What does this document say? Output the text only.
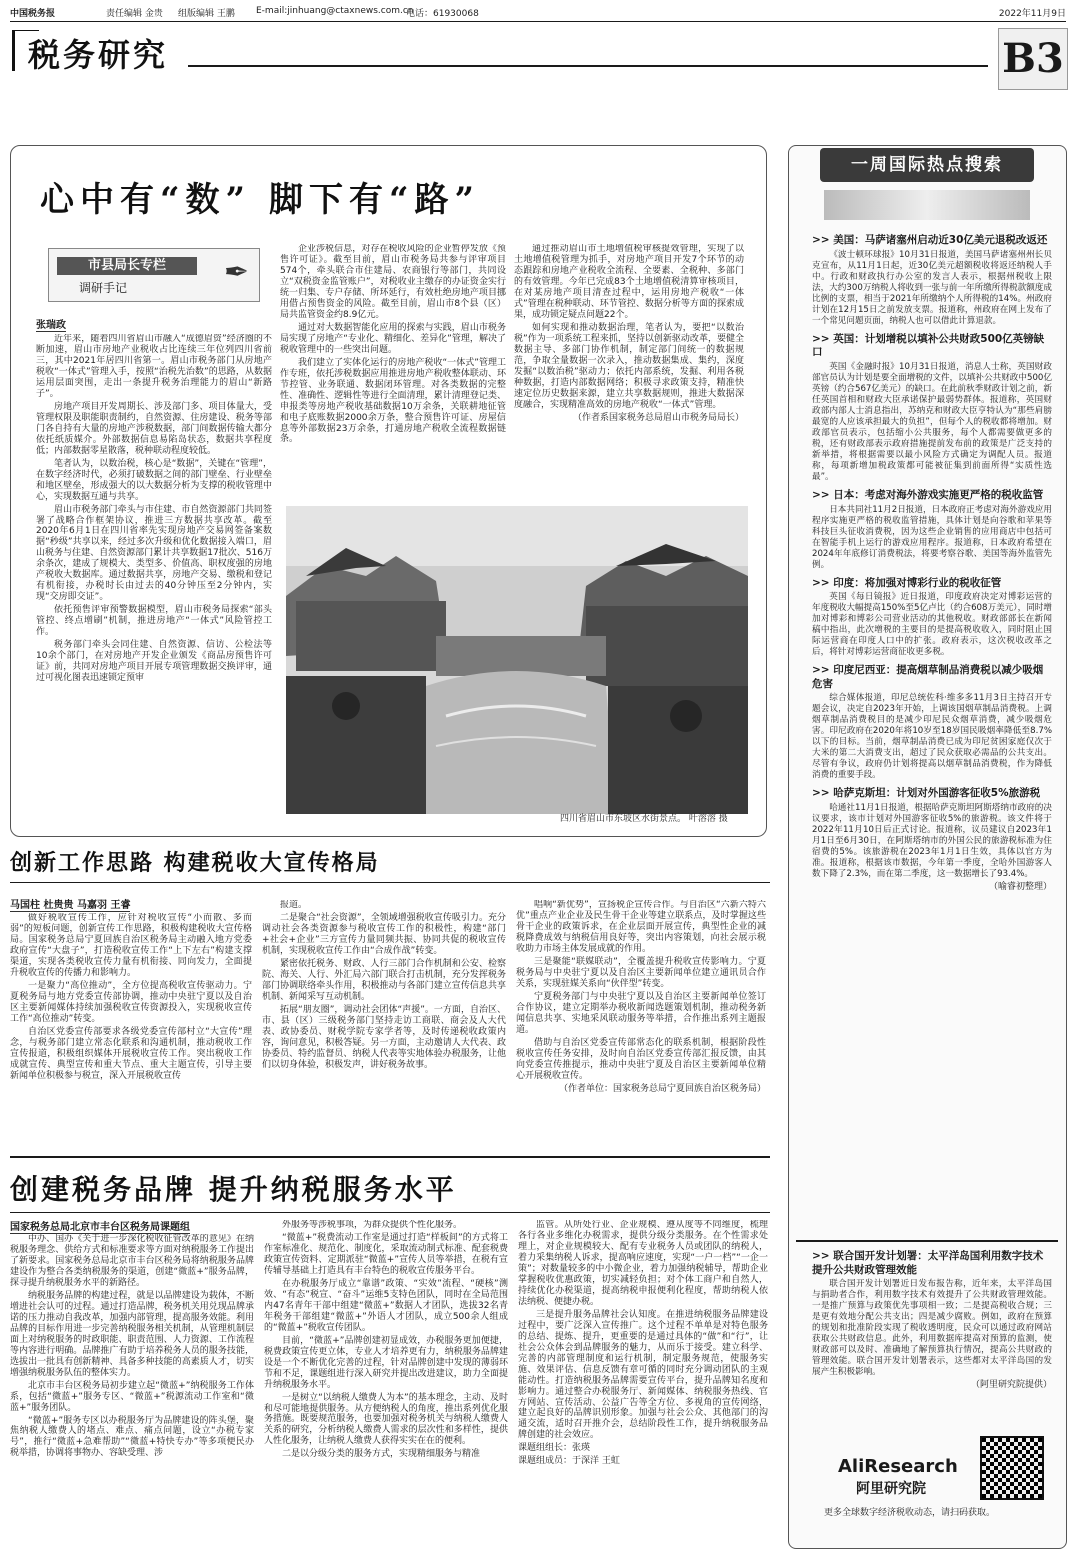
中国税务报	责任编辑 金贵 组版编辑 王鹏 E-mail:jinhuang@ctaxnews.com.cn
电话：61930068	2022年11月9日
税务研究	B3
心中有“数” 脚下有“路”
市县局长专栏
调研手记	✒
张瑞政

近年来，随着四川省眉山市融入“成德眉资”经济圈的不断加速，眉山市房地产业税收占比连续三年位列四川省前三，其中2021年居四川省第一。眉山市税务部门从房地产税收“一体式”管理入手，按照“治税先治数”的思路，从数据运用层面突围，走出一条提升税务治理能力的眉山“新路子”。

房地产项目开发周期长、涉及部门多、项目体量大，受管理权限及职能职责制约，自然资源、住房建设、税务等部门各自持有大量的房地产涉税数据，部门间数据传输大都分依托纸质媒介。外部数据信息易陷岛状态，数据共享程度低；内部数据零星散落，税种联动程度较低。

笔者认为，以数治税，核心是“数据”，关键在“管理”，在数字经济时代，必须打破数据之间的部门壁垒、行业壁垒和地区壁垒，形成强大的以大数据分析为支撑的税收管理中心，实现数据互通与共享。

眉山市税务部门牵头与市住建、市自然资源部门共同签署了战略合作框架协议，推进三方数据共享改革。截至2020年6月1日在四川省率先实现房地产交易网签备案数据“秒级”共享以来，经过多次升级和优化数据接入端口，眉山税务与住建、自然资源部门累计共享数据17批次、516万余条次，建成了规模大、类型多、价值高、职权度强的房地产税收大数据库。通过数据共享，房地产交易、缴税和登记有机衔接，办税时长由过去的40分钟压至2分钟内，实现“交房即交证”。

依托预售评审预警数据模型，眉山市税务局探索“部头管控、终点增刷”机制，推进房地产“一体式”风险管控工作。

税务部门牵头会同住建、自然资源、信访、公检法等10余个部门，在对房地产开发企业颁发《商品房预售许可证》前，共同对房地产项目开展专项管理数据交换评审，通过可视化图表迅速锁定预审

企业涉税信息，对存在税收风险的企业暂停发放《预售许可证》。截至目前，眉山市税务局共参与评审项目574个，牵头联合市住建局、农商银行等部门，共同设立“双税资金监管账户”，对税收业主缴存的办证资金实行统一归集、专户存储、所环延行，有效杜绝房地产项目挪用借占预售资金的风险。截至目前，眉山市8个县（区）局共监管资金约8.9亿元。

通过对大数据智能化应用的探索与实践，眉山市税务局实现了房地产“专业化、精细化、差异化”管理，解决了税收管理中的一些突出问题。

我们建立了实体化运行的房地产税收“一体式”管理工作专班，依托涉税数据应用推进房地产税收整体联动、环节控管、业务联通、数据闭环管理。对各类数据的完整性、准确性、逻辑性等进行全面清理，累计清理登记类、申报类等房地产税收基础数据10万余条，关联耕地征管和电子底账数据2000余万条，整合预售许可证、房屋信息等外部数据23万余条，打通房地产税收全流程数据链条。

通过推动眉山市土地增值税审核提效管理，实现了以土地增值税管理为抓手，对房地产项目开发7个环节的动态跟踪和房地产业税收全流程、全要素、全税种、多部门的有效管理。今年已完成83个土地增值税清算审核项目，在对某房地产项目清查过程中，运用房地产税收“一体式”管理在税种联动、环节管控、数据分析等方面的探索成果，成功锁定疑点问题22个。

如何实现和推动数据治理，笔者认为，要把“以数治税”作为一项系统工程来抓，坚持以创新驱动改革，要健全数据主导、多部门协作机制，制定部门间统一的数据规范，争取全量数据一次录入，推动数据集成、集约，深度发掘“以数治税”驱动力；依托内部系统，发掘、利用各税种数据，打造内部数据网络；积极寻求政策支持，精准快速定位历史数据来源，建立共享数据规则，推进大数据深度融合，实现精准高效的房地产税收“一体式”管理。

（作者系国家税务总局眉山市税务局局长）

四川省眉山市东坡区水街景点。 叶溶溶 摄
创新工作思路 构建税收大宣传格局
马国柱 杜贵贵 马嘉羽 王睿

做好税收宣传工作，应针对税收宣传“小而散、多而弱”的短板问题，创新宣传工作思路，积极构建税收大宣传格局。国家税务总局宁夏回族自治区税务局主动融入地方党委政府宣传“大盘子”，打造税收宣传工作“上下左右”构建支撑渠道，实现各类税收宣传力量有机衔接、同向发力，全面提升税收宣传的传播力和影响力。

一是聚力“高位推动”，全方位提高税收宣传驱动力。宁夏税务局与地方党委宣传部协调，推动中央驻宁夏以及自治区主要新闻媒体持续加强税收宣传资源投入，实现税收宣传工作“高位推动”转变。

自治区党委宣传部要求各级党委宣传部村立“大宣传”理念，与税务部门建立常态化联系和沟通机制，推动税收工作宣传报道，积极组织媒体开展税收宣传工作。突出税收工作成就宣传、典型宣传和重大节点、重大主题宣传，引导主要新闻单位积极参与税宣，深入开展税收宣传

报道。

二是聚合“社会资源”，全领域增强税收宣传吸引力。充分调动社会各类资源参与税收宣传工作的积极性，构建“部门+社会+企业”三方宣传力量同频共振、协同共促的税收宣传机制，实现税收宣传工作由“合成作战”转变。

紧密依托税务、财政、人行三部门合作机制和公安、检察院、海关、人行、外汇局六部门联合打击机制，充分发挥税务部门协调联络牵头作用，积极推动与各部门建立宣传信息共享机制、新闻采写互动机制。

拓展“朋友圈”，调动社会团体“声援”。一方面，自治区、市、县（区）三级税务部门坚持走访工商联、商会及人大代表、政协委员、财税学院专家学者等，及时传递税收政策内容，询问意见，积极答疑。另一方面，主动邀请人大代表、政协委员、特约监督员、纳税人代表等实地体验办税服务，让他们以切身体验，积极发声，讲好税务故事。

唱响“新优势”，宣扬税企宣传合作。与自治区“六新六特六优”重点产业企业及民生骨干企业等建立联系点，及时掌握这些骨干企业的政策诉求，在企业层面开展宣传，典型性企业的减税降费成效与纳税信用良好等，突出内容策划，向社会展示税收助力市场主体发展成就的作用。

三是聚能“联媒联动”，全覆盖提升税收宣传影响力。宁夏税务局与中央驻宁夏以及自治区主要新闻单位建立通讯员合作关系，实现驻媒关系向“伙伴型”转变。

宁夏税务部门与中央驻宁夏以及自治区主要新闻单位签订合作协议，建立定期举办税收新闻选题策划机制，推动税务新闻信息共享、实地采风联动服务等举措，合作推出系列主题报道。

借助与自治区党委宣传部常态化的联系机制，根据阶段性税收宣传任务安排，及时向自治区党委宣传部汇报反馈，由其向党委宣传推提示，推动中央驻宁夏及自治区主要新闻单位精心开展税收宣传。

（作者单位：国家税务总局宁夏回族自治区税务局）

创建税务品牌 提升纳税服务水平
国家税务总局北京市丰台区税务局课题组

中办、国办《关于进一步深化税收征管改革的意见》在纳税服务理念、供给方式和标准要求等方面对纳税服务工作提出了新要求。国家税务总局北京市丰台区税务局将纳税服务品牌建设作为整合各类纳税服务的渠道，创建“微蓝+”服务品牌，探寻提升纳税服务水平的新路径。

纳税服务品牌的构建过程，就是以品牌建设为载体，不断增进社会认可的过程。通过打造品牌，税务机关用兑现品牌承诺的压力推动自我改革，加强内部管理，提高服务效能。利用品牌的目标作用进一步完善纳税服务相关机制，从管理机制层面上对纳税服务的时政职能、职责范围、人力资源、工作流程等内容进行明确。品牌推广有助于培养税务人员的服务技能，选拔出一批具有创新精神、具备多种技能的高素质人才，切实增强纳税服务队伍的整体实力。

北京市丰台区税务局初步建立起“微蓝+”纳税服务工作体系，包括“微蓝+”服务专区、“微蓝+”税源流动工作室和“微蓝+”服务团队。

“微蓝+”服务专区以办税服务厅为品牌建设的阵头堡，聚焦纳税人缴费人的堵点、难点、痛点问题，设立“办税专家号”，推行“微蓝+急难帮助”“微蓝+特快专办”等多项便民办税举措，协调将事物办、容缺受理、涉

外服务等涉税事项，为群众提供个性化服务。

“微蓝+”税费流动工作室是通过打造“样板间”的方式将工作室标准化、规范化、制度化，采取流动制式标准、配套税费政策宣传资料、定期派驻“微蓝+”宣传人员等举措，在税有宣传辅导基础上打造具有丰台特色的税收宣传服务平台。

在办税服务厅成立“靠谱”政策、“实效”流程、“硬核”测效、“有态”税宣、“奋斗”运维5支特色团队，同时在全局范围内47名青年干部中组建“微蓝+”数据人才团队，选拔32名青年税务干部组建“微蓝+”外语人才团队，成立500余人组成的“微蓝+”税收宣传团队。

目前，“微蓝+”品牌创建初显成效，办税服务更加便捷，税费政策宣传更立体，专业人才培养更有力，纳税服务品牌建设是一个不断优化完善的过程，针对品牌创建中发现的薄弱环节和不足，课题组进行深入研究并提出改进建议，助力全面提升纳税服务水平。

一是树立“以纳税人缴费人为本”的基本理念，主动、及时和尽可能地提供服务。从方便纳税人的角度，推出系列优化服务措施。既要规范服务，也要加强对税务机关与纳税人缴费人关系的研究，分析纳税人缴费人需求的层次性和多样性，提供人性化服务，让纳税人缴费人获得实实在在的便利。

二是以分级分类的服务方式，实现精细服务与精准

监管。从所处行业、企业规模、遵从度等不同维度，梳理各行各业多维化办税需求，提供分级分类服务。在个性需求处理上，对企业规模较大、配有专业税务人员或团队的纳税人，着力采集纳税人诉求，提高响应速度，实现“一户一档”“一企一策”；对数量较多的中小微企业，着力加强纳税辅导，帮助企业掌握税收优惠政策，切实减轻负担；对个体工商户和自然人，持续优化办税渠道，提高纳税申报便利化程度，帮助纳税人依法纳税、便捷办税。

三是提升服务品牌社会认知度。在推进纳税服务品牌建设过程中，要广泛深入宣传推广。这个过程不单单是对特色服务的总结、提炼、提升，更重要的是通过具体的“做”和“行”，让社会公众体会到品牌服务的魅力，从而乐于接受。建立科学、完善的内部管理制度和运行机制，制定服务规范，使服务实施、效果评估、信息反馈有章可循的同时充分调动团队的主观能动性。打造纳税服务品牌需要宣传平台，提升品牌知名度和影响力。通过整合办税服务厅、新闻媒体、纳税服务热线、官方网站、宣传活动、公益广告等全方位、多视角的宣传网络，建立起良好的品牌识别形象。加强与社会公众、其他部门的沟通交流，适时召开推介会，总结阶段性工作，提升纳税服务品牌创建的社会效应。

课题组组长：张瑛

课题组成员：于深洋 王虹

一周国际热点搜索
>> 美国：马萨诸塞州启动近30亿美元退税改返还

《波士顿环球报》10月31日报道，美国马萨诸塞州州长贝克宣布，从11月1日起，近30亿美元超额税收将返还纳税人手中。行政和财政执行办公室的发言人表示，根据州税收上限法，大约300万纳税人将收到一张与前一年所缴所得税款额度成比例的支票，相当于2021年所缴纳个人所得税的14%。州政府计划在12月15日之前发放支票。报道称，州政府在网上发布了一个常见问题页面，纳税人也可以借此计算退款。

>> 英国：计划增税以填补公共财政500亿英镑缺口

英国《金融时报》10月31日报道，消息人士称，英国财政部官员认为计划是要全面增税的文件，以填补公共财政中500亿英镑（约合567亿美元）的缺口。在此前秋季财政计划之前，新任英国首相和财政大臣承诺保护最弱势群体。报道称，英国财政部内部人士消息指出，苏纳克和财政大臣亨特认为“那些肩膀最宽的人应该承担最大的负担”，但每个人的税收都将增加。财政部官员表示，包括缩小公共服务，每个人都需要做更多的税，还有财政部表示政府措施提前发布前的政策是广泛支持的新举措，将根据需要以最小风险方式确定为调配人员。报道称，每项新增加税政策都可能被征集到前面所得“实质性选最”。

>> 日本：考虑对海外游戏实施更严格的税收监管

日本共同社11月2日报道，日本政府正考虑对海外游戏应用程序实施更严格的税收监管措施，具体计划是向谷歌和苹果等科技巨头征收消费税，因为这些企业销售的应用商店中包括可在智能手机上运行的游戏应用程序。报道称，日本政府希望在2024年年底修订消费税法，将要考察谷歌、美国等海外监管先例。

>> 印度：将加强对博彩行业的税收征管

英国《每日镜报》近日报道，印度政府决定对博彩运营的年度税收大幅提高150%至5亿卢比（约合608万美元），同时增加对博彩和博彩公司营业活动的其他税收。财政部部长在新闻稿中指出，此次增税的主要目的是提高税收收入，同时阻止国际运营商在印度人口中的扩张。政府表示，这次税收改革之后，将针对博彩运营商征收更多税。

>> 印度尼西亚：提高烟草制品消费税以减少吸烟危害

综合媒体报道，印尼总统佐科·维多多11月3日主持召开专题会议，决定自2023年开始，上调该国烟草制品消费税。上调烟草制品消费税目的是减少印尼民众烟草消费，减少吸烟危害。印尼政府在2020年将10岁至18岁国民吸烟率降低至8.7%以下的目标。当前，烟草制品消费已成为印尼贫困家庭仅次于大米的第二大消费支出，超过了民众获取必需品的公共支出。尽管有争议，政府仍计划将提高以烟草制品消费税，作为降低消费的重要手段。

>> 哈萨克斯坦：计划对外国游客征收5%旅游税

哈通社11月1日报道，根据哈萨克斯坦阿斯塔纳市政府的决议要求，该市计划对外国游客征收5%的旅游税。该文件将于2022年11月10日后正式讨论。报道称，议员建议自2023年1月1日至6月30日，在阿斯塔纳市的外国公民的旅游税标准为住宿费的5%。该旅游税在2023年1月1日生效，具体以官方为准。报道称，根据该市数据，今年第一季度，全哈外国游客人数下降了2.3%，而在第二季度，这一数据增长了93.4%。

（喻睿初整理）
>> 联合国开发计划署：太平洋岛国利用数字技术提升公共财政管理效能

联合国开发计划署近日发布报告称，近年来，太平洋岛国与捐助者合作，利用数字技术有效提升了公共财政管理效能。一是推广预算与政策优先事项相一致；二是提高税收合规；三是更有效地分配公共支出；四是减少腐败。例如，政府在预算的规划和批准阶段实现了税收透明度，民众可以通过政府网站获取公共财政信息。此外，利用数据库提高对预算的监测，使财政部可以及时、准确地了解预算执行情况，提高公共财政的管理效能。联合国开发计划署表示，这些都对太平洋岛国的发展产生积极影响。

（阿里研究院提供）
AliResearch
阿里研究院
更多全球数字经济税收动态，请扫码获取。
